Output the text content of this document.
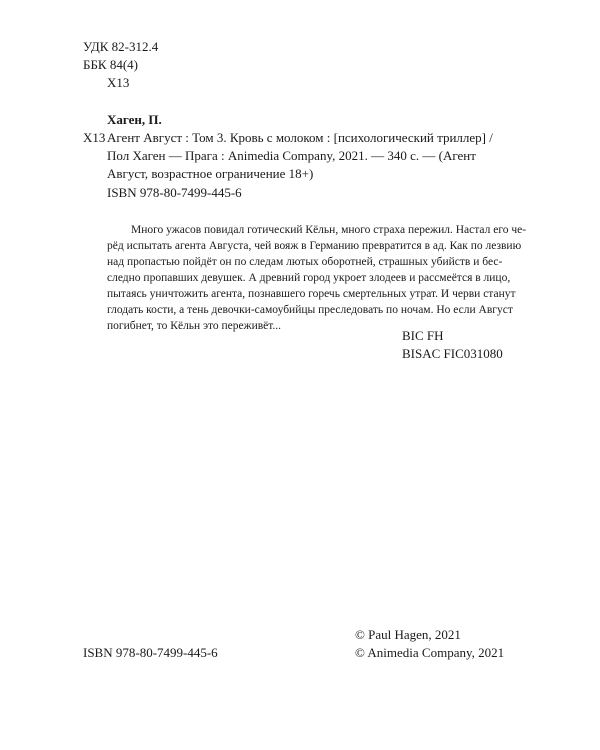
УДК 82-312.4

ББК 84(4)

Х13

Хаген, П.

Х13 Агент Август : Том 3. Кровь с молоком : [психологический триллер] /
Пол Хаген — Прага : Animedia Company, 2021. — 340 с. — (Агент
Август, возрастное ограничение 18+)

ISBN 978-80-7499-445-6

Много ужасов повидал готический Кёльн, много страха пережил. Настал его че-
рёд испытать агента Августа, чей вояж в Германию превратится в ад. Как по лезвию
над пропастью пойдёт он по следам лютых оборотней, страшных убийств и бес-
следно пропавших девушек. А древний город укроет злодеев и рассмеётся в лицо,
пытаясь уничтожить агента, познавшего горечь смертельных утрат. И черви станут
глодать кости, а тень девочки-самоубийцы преследовать по ночам. Но если Август
погибнет, то Кёльн это переживёт...

BIC FH

BISAC FIC031080

© Paul Hagen, 2021

ISBN 978-80-7499-445-6	© Animedia Company, 2021
